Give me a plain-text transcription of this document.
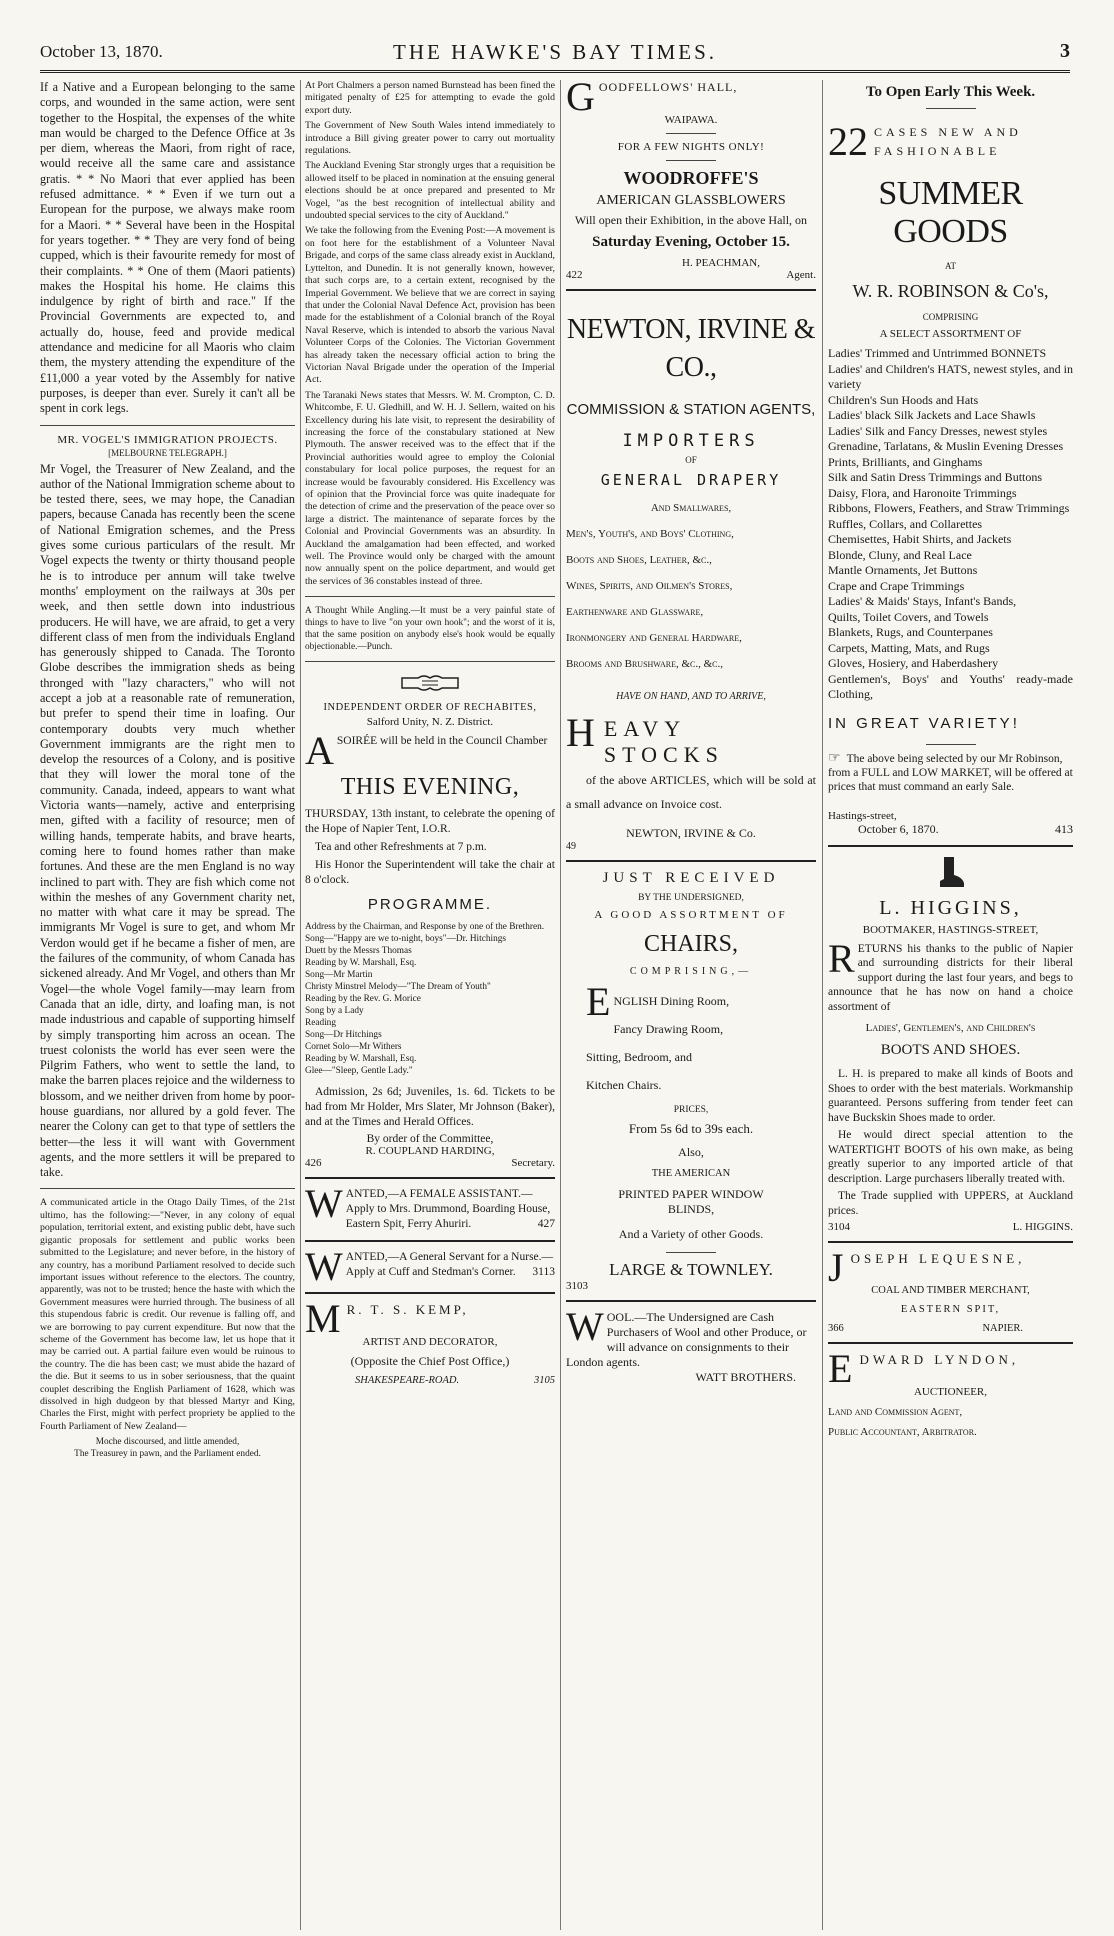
October 13, 1870.	THE HAWKE'S BAY TIMES.	3

If a Native and a European belonging to the same corps, and wounded in the same action, were sent together to the Hospital, the expenses of the white man would be charged to the Defence Office at 3s per diem, whereas the Maori, from right of race, would receive all the same care and assistance gratis. * * No Maori that ever applied has been refused admittance. * * Even if we turn out a European for the purpose, we always make room for a Maori. * * Several have been in the Hospital for years together. * * They are very fond of being cupped, which is their favourite remedy for most of their complaints. * * One of them (Maori patients) makes the Hospital his home. He claims this indulgence by right of birth and race." If the Provincial Governments are expected to, and actually do, house, feed and provide medical attendance and medicine for all Maoris who claim them, the mystery attending the expenditure of the £11,000 a year voted by the Assembly for native purposes, is deeper than ever. Surely it can't all be spent in cork legs.

MR. VOGEL'S IMMIGRATION PROJECTS.
[MELBOURNE TELEGRAPH.]

Mr Vogel, the Treasurer of New Zealand, and the author of the National Immigration scheme about to be tested there, sees, we may hope, the Canadian papers, because Canada has recently been the scene of National Emigration schemes, and the Press gives some curious particulars of the result. Mr Vogel expects the twenty or thirty thousand people he is to introduce per annum will take twelve months' employment on the railways at 30s per week, and then settle down into industrious producers. He will have, we are afraid, to get a very different class of men from the individuals England has generously shipped to Canada. The Toronto Globe describes the immigration sheds as being thronged with "lazy characters," who will not accept a job at a reasonable rate of remuneration, but prefer to spend their time in loafing. Our contemporary doubts very much whether Government immigrants are the right men to develop the resources of a Colony, and is positive that they will lower the moral tone of the community. Canada, indeed, appears to want what Victoria wants—namely, active and enterprising men, gifted with a facility of resource; men of willing hands, temperate habits, and brave hearts, coming here to found homes rather than make fortunes. And these are the men England is no way inclined to part with. They are fish which come not within the meshes of any Government charity net, no matter with what care it may be spread. The immigrants Mr Vogel is sure to get, and whom Mr Verdon would get if he became a fisher of men, are the failures of the community, of whom Canada has sickened already. And Mr Vogel, and others than Mr Vogel—the whole Vogel family—may learn from Canada that an idle, dirty, and loafing man, is not made industrious and capable of supporting himself by simply transporting him across an ocean. The truest colonists the world has ever seen were the Pilgrim Fathers, who went to settle the land, to make the barren places rejoice and the wilderness to blossom, and we neither driven from home by poor-house guardians, nor allured by a gold fever. The nearer the Colony can get to that type of settlers the better—the less it will want with Government agents, and the more settlers it will be prepared to take.

A communicated article in the Otago Daily Times, of the 21st ultimo, has the following:—"Never, in any colony of equal population, territorial extent, and existing public debt, have such gigantic proposals for settlement and public works been submitted to the Legislature; and never before, in the history of any country, has a moribund Parliament resolved to decide such important issues without reference to the electors. The country, apparently, was not to be trusted; hence the haste with which the Government measures were hurried through. The business of all this stupendous fabric is credit. Our revenue is falling off, and we are borrowing to pay current expenditure. But now that the scheme of the Government has become law, let us hope that it may be carried out. A partial failure even would be ruinous to the country. The die has been cast; we must abide the hazard of the die. But it seems to us in sober seriousness, that the quaint couplet describing the English Parliament of 1628, which was dissolved in high dudgeon by that blessed Martyr and King, Charles the First, might with perfect propriety be applied to the Fourth Parliament of New Zealand—

Moche discoursed, and little amended,
The Treasurey in pawn, and the Parliament ended.

At Port Chalmers a person named Burnstead has been fined the mitigated penalty of £25 for attempting to evade the gold export duty.

The Government of New South Wales intend immediately to introduce a Bill giving greater power to carry out mortuality regulations.

The Auckland Evening Star strongly urges that a requisition be allowed itself to be placed in nomination at the ensuing general elections should be at once prepared and presented to Mr Vogel, "as the best recognition of intellectual ability and undoubted special services to the city of Auckland."

We take the following from the Evening Post:—A movement is on foot here for the establishment of a Volunteer Naval Brigade, and corps of the same class already exist in Auckland, Lyttelton, and Dunedin. It is not generally known, however, that such corps are, to a certain extent, recognised by the Imperial Government. We believe that we are correct in saying that under the Colonial Naval Defence Act, provision has been made for the establishment of a Colonial branch of the Royal Naval Reserve, which is intended to absorb the various Naval Volunteer Corps of the Colonies. The Victorian Government has already taken the necessary official action to bring the Victorian Naval Brigade under the operation of the Imperial Act.

The Taranaki News states that Messrs. W. M. Crompton, C. D. Whitcombe, F. U. Gledhill, and W. H. J. Sellern, waited on his Excellency during his late visit, to represent the desirability of increasing the force of the constabulary stationed at New Plymouth. The answer received was to the effect that if the Provincial authorities would agree to employ the Colonial constabulary for local police purposes, the request for an increase would be favourably considered. His Excellency was of opinion that the Provincial force was quite inadequate for the detection of crime and the preservation of the peace over so large a district. The maintenance of separate forces by the Colonial and Provincial Governments was an absurdity. In Auckland the amalgamation had been effected, and worked well. The Province would only be charged with the amount now annually spent on the police department, and would get the services of 36 constables instead of three.

A Thought While Angling.—It must be a very painful state of things to have to live "on your own hook"; and the worst of it is, that the same position on anybody else's hook would be equally objectionable.—Punch.

INDEPENDENT ORDER OF RECHABITES,
Salford Unity, N. Z. District.
A SOIRÉE will be held in the Council Chamber
THIS EVENING,

THURSDAY, 13th instant, to celebrate the opening of the Hope of Napier Tent, I.O.R.

Tea and other Refreshments at 7 p.m.

His Honor the Superintendent will take the chair at 8 o'clock.

PROGRAMME.
Address by the Chairman, and Response by one of the Brethren.
Song—"Happy are we to-night, boys"—Dr. Hitchings
Duett by the Messrs Thomas
Reading by W. Marshall, Esq.
Song—Mr Martin
Christy Minstrel Melody—"The Dream of Youth"
Reading by the Rev. G. Morice
Song by a Lady
Reading
Song—Dr Hitchings
Cornet Solo—Mr Withers
Reading by W. Marshall, Esq.
Glee—"Sleep, Gentle Lady."

Admission, 2s 6d; Juveniles, 1s. 6d. Tickets to be had from Mr Holder, Mrs Slater, Mr Johnson (Baker), and at the Times and Herald Offices.

By order of the Committee,
R. COUPLAND HARDING,
426	Secretary.
W ANTED,—A FEMALE ASSISTANT.—Apply to Mrs. Drummond, Boarding House, Eastern Spit, Ferry Ahuriri.	427
W ANTED,—A General Servant for a Nurse.—Apply at Cuff and Stedman's Corner. 3113
M R. T. S. KEMP,
ARTIST AND DECORATOR,
(Opposite the Chief Post Office,)
SHAKESPEARE-ROAD.	3105
G OODFELLOWS' HALL,
WAIPAWA.
FOR A FEW NIGHTS ONLY!
WOODROFFE'S
AMERICAN GLASSBLOWERS
Will open their Exhibition, in the above Hall, on
Saturday Evening, October 15.
H. PEACHMAN,
422	Agent.
NEWTON, IRVINE & CO.,
COMMISSION & STATION AGENTS,
IMPORTERS
OF
GENERAL DRAPERY
And Smallwares,
Men's, Youth's, and Boys' Clothing,
Boots and Shoes, Leather, &c.,
Wines, Spirits, and Oilmen's Stores,
Earthenware and Glassware,
Ironmongery and General Hardware,
Brooms and Brushware, &c., &c.,
HAVE ON HAND, AND TO ARRIVE,
H EAVY STOCKS

of the above ARTICLES, which will be sold at a small advance on Invoice cost.

NEWTON, IRVINE & Co.
49
JUST RECEIVED
BY THE UNDERSIGNED,
A GOOD ASSORTMENT OF
CHAIRS,
COMPRISING,—
E NGLISH Dining Room,
Fancy Drawing Room,
Sitting, Bedroom, and
Kitchen Chairs.
PRICES,
From 5s 6d to 39s each.
Also,
THE AMERICAN
PRINTED PAPER WINDOW
BLINDS,
And a Variety of other Goods.
LARGE & TOWNLEY.
3103
W OOL.—The Undersigned are Cash Purchasers of Wool and other Produce, or will advance on consignments to their London agents.
WATT BROTHERS.
To Open Early This Week.
22 CASES NEW AND FASHIONABLE
SUMMER GOODS
AT
W. R. ROBINSON & Co's,
COMPRISING
A SELECT ASSORTMENT OF
Ladies' Trimmed and Untrimmed BONNETS
Ladies' and Children's HATS, newest styles, and in variety
Children's Sun Hoods and Hats
Ladies' black Silk Jackets and Lace Shawls
Ladies' Silk and Fancy Dresses, newest styles
Grenadine, Tarlatans, & Muslin Evening Dresses
Prints, Brilliants, and Ginghams
Silk and Satin Dress Trimmings and Buttons
Daisy, Flora, and Haronoite Trimmings
Ribbons, Flowers, Feathers, and Straw Trimmings
Ruffles, Collars, and Collarettes
Chemisettes, Habit Shirts, and Jackets
Blonde, Cluny, and Real Lace
Mantle Ornaments, Jet Buttons
Crape and Crape Trimmings
Ladies' & Maids' Stays, Infant's Bands,
Quilts, Toilet Covers, and Towels
Blankets, Rugs, and Counterpanes
Carpets, Matting, Mats, and Rugs
Gloves, Hosiery, and Haberdashery
Gentlemen's, Boys' and Youths' ready-made Clothing,
IN GREAT VARIETY!
☞ The above being selected by our Mr Robinson, from a FULL and LOW MARKET, will be offered at prices that must command an early Sale.
Hastings-street,
October 6, 1870.	413
L. HIGGINS,
BOOTMAKER, HASTINGS-STREET,
R ETURNS his thanks to the public of Napier and surrounding districts for their liberal support during the last four years, and begs to announce that he has now on hand a choice assortment of
Ladies', Gentlemen's, and Children's
BOOTS AND SHOES.

L. H. is prepared to make all kinds of Boots and Shoes to order with the best materials. Workmanship guaranteed. Persons suffering from tender feet can have Buckskin Shoes made to order.

He would direct special attention to the WATERTIGHT BOOTS of his own make, as being greatly superior to any imported article of that description. Large purchasers liberally treated with.

The Trade supplied with UPPERS, at Auckland prices.

3104	L. HIGGINS.
J OSEPH LEQUESNE,
COAL AND TIMBER MERCHANT,
EASTERN SPIT,
366	NAPIER.
E DWARD LYNDON,
AUCTIONEER,
Land and Commission Agent,
Public Accountant, Arbitrator.
